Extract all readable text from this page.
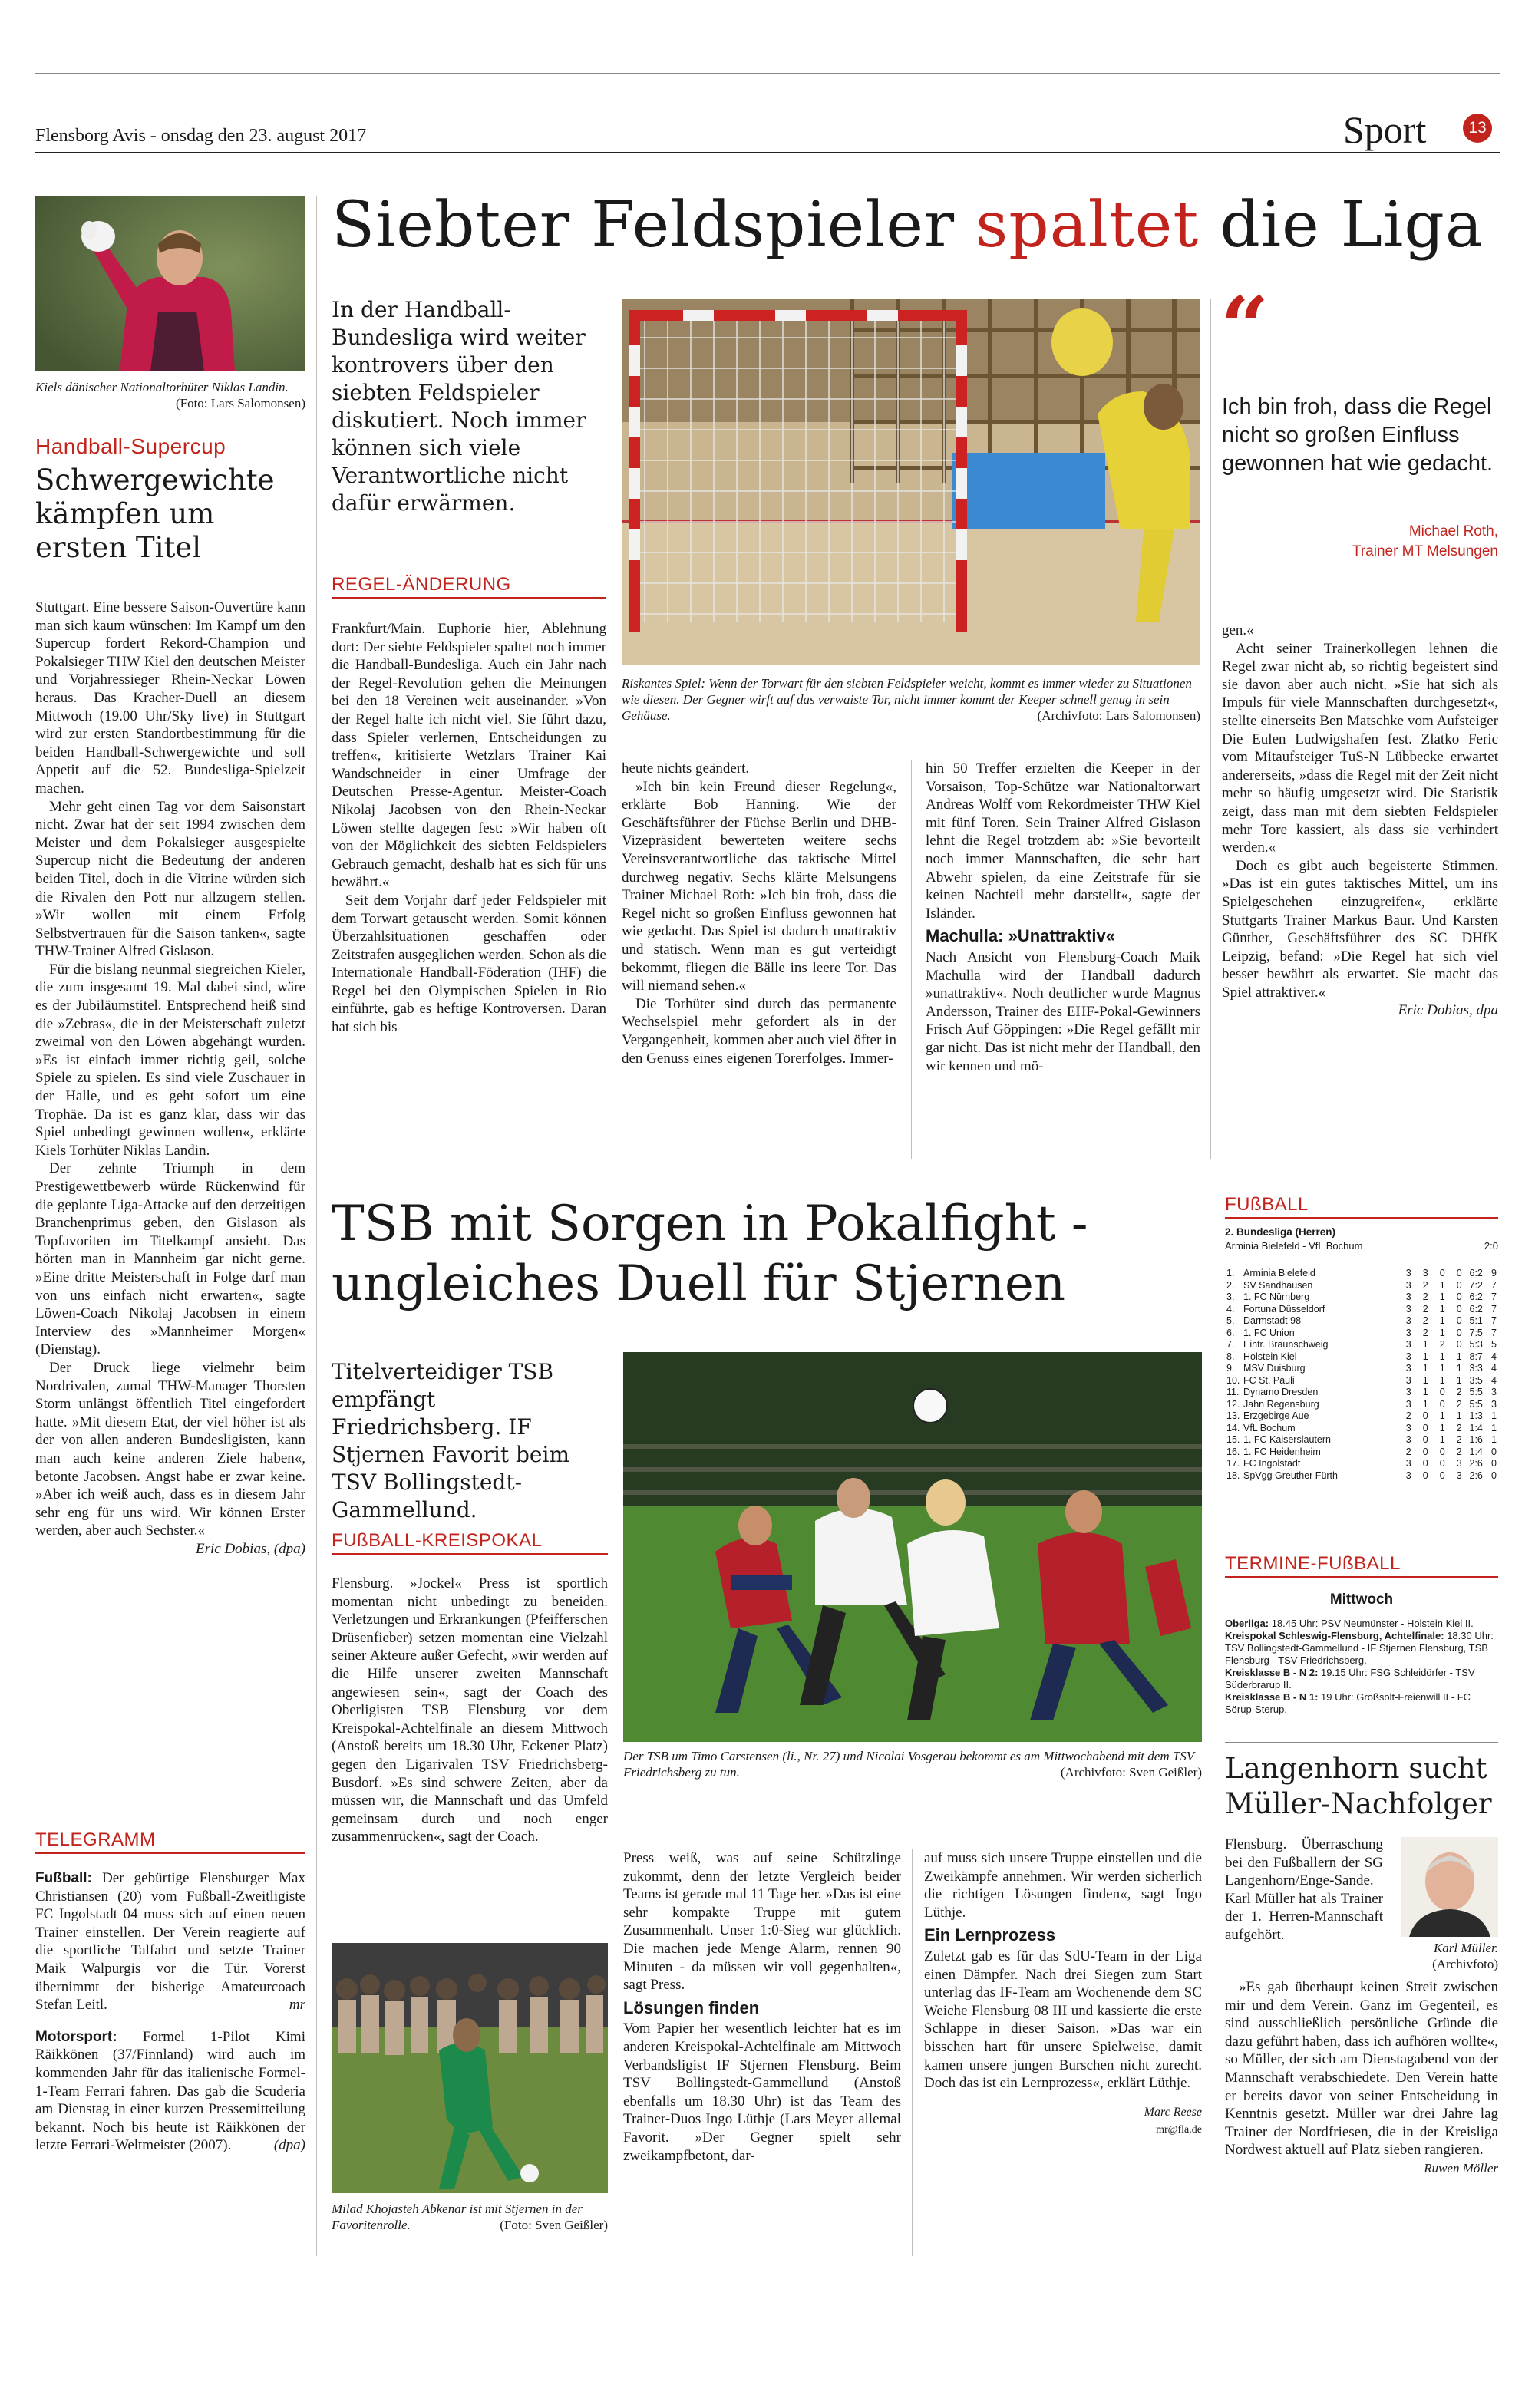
Flensborg Avis - onsdag den 23. august 2017	Sport	13
Kiels dänischer Nationaltorhüter Niklas Landin.
(Foto: Lars Salomonsen)
Handball-Supercup
Schwergewichte kämpfen um ersten Titel

Stuttgart. Eine bessere Saison-Ouvertüre kann man sich kaum wünschen: Im Kampf um den Supercup fordert Rekord-Champion und Pokalsieger THW Kiel den deutschen Meister und Vorjahressieger Rhein-Neckar Löwen heraus. Das Kracher-Duell an diesem Mittwoch (19.00 Uhr/Sky live) in Stuttgart wird zur ersten Standortbestimmung für die beiden Handball-Schwergewichte und soll Appetit auf die 52. Bundesliga-Spielzeit machen.

Mehr geht einen Tag vor dem Saisonstart nicht. Zwar hat der seit 1994 zwischen dem Meister und dem Pokalsieger ausgespielte Supercup nicht die Bedeutung der anderen beiden Titel, doch in die Vitrine würden sich die Rivalen den Pott nur allzugern stellen. »Wir wollen mit einem Erfolg Selbstvertrauen für die Saison tanken«, sagte THW-Trainer Alfred Gislason.

Für die bislang neunmal siegreichen Kieler, die zum insgesamt 19. Mal dabei sind, wäre es der Jubiläumstitel. Entsprechend heiß sind die »Zebras«, die in der Meisterschaft zuletzt zweimal von den Löwen abgehängt wurden. »Es ist einfach immer richtig geil, solche Spiele zu spielen. Es sind viele Zuschauer in der Halle, und es geht sofort um eine Trophäe. Da ist es ganz klar, dass wir das Spiel unbedingt gewinnen wollen«, erklärte Kiels Torhüter Niklas Landin.

Der zehnte Triumph in dem Prestigewettbewerb würde Rückenwind für die geplante Liga-Attacke auf den derzeitigen Branchenprimus geben, den Gislason als Topfavoriten im Titelkampf ansieht. Das hörten man in Mannheim gar nicht gerne. »Eine dritte Meisterschaft in Folge darf man von uns einfach nicht erwarten«, sagte Löwen-Coach Nikolaj Jacobsen in einem Interview des »Mannheimer Morgen« (Dienstag).

Der Druck liege vielmehr beim Nordrivalen, zumal THW-Manager Thorsten Storm unlängst öffentlich Titel eingefordert hatte. »Mit diesem Etat, der viel höher ist als der von allen anderen Bundesligisten, kann man auch keine anderen Ziele haben«, betonte Jacobsen. Angst habe er zwar keine. »Aber ich weiß auch, dass es in diesem Jahr sehr eng für uns wird. Wir können Erster werden, aber auch Sechster.«

Eric Dobias, (dpa)

TELEGRAMM

Fußball: Der gebürtige Flensburger Max Christiansen (20) vom Fußball-Zweitligiste FC Ingolstadt 04 muss sich auf einen neuen Trainer einstellen. Der Verein reagierte auf die sportliche Talfahrt und setzte Trainer Maik Walpurgis vor die Tür. Vorerst übernimmt der bisherige Amateurcoach Stefan Leitl.	mr

Motorsport: Formel 1-Pilot Kimi Räikkönen (37/Finnland) wird auch im kommenden Jahr für das italienische Formel-1-Team Ferrari fahren. Das gab die Scuderia am Dienstag in einer kurzen Pressemitteilung bekannt. Noch bis heute ist Räikkönen der letzte Ferrari-Weltmeister (2007).	(dpa)

Siebter Feldspieler spaltet die Liga
In der Handball-Bundesliga wird weiter kontrovers über den siebten Feldspieler diskutiert. Noch immer können sich viele Verantwortliche nicht dafür erwärmen.
REGEL-ÄNDERUNG
Riskantes Spiel: Wenn der Torwart für den siebten Feldspieler weicht, kommt es immer wieder zu Situationen wie diesen. Der Gegner wirft auf das verwaiste Tor, nicht immer kommt der Keeper schnell genug in sein Gehäuse.	(Archivfoto: Lars Salomonsen)
“
Ich bin froh, dass die Regel nicht so großen Einfluss gewonnen hat wie gedacht.
Michael Roth,
Trainer MT Melsungen

Frankfurt/Main. Euphorie hier, Ablehnung dort: Der siebte Feldspieler spaltet noch immer die Handball-Bundesliga. Auch ein Jahr nach der Regel-Revolution gehen die Meinungen bei den 18 Vereinen weit auseinander. »Von der Regel halte ich nicht viel. Sie führt dazu, dass Spieler verlernen, Entscheidungen zu treffen«, kritisierte Wetzlars Trainer Kai Wandschneider in einer Umfrage der Deutschen Presse-Agentur. Meister-Coach Nikolaj Jacobsen von den Rhein-Neckar Löwen stellte dagegen fest: »Wir haben oft von der Möglichkeit des siebten Feldspielers Gebrauch gemacht, deshalb hat es sich für uns bewährt.«

Seit dem Vorjahr darf jeder Feldspieler mit dem Torwart getauscht werden. Somit können Überzahlsituationen geschaffen oder Zeitstrafen ausgeglichen werden. Schon als die Internationale Handball-Föderation (IHF) die Regel bei den Olympischen Spielen in Rio einführte, gab es heftige Kontroversen. Daran hat sich bis

heute nichts geändert.

»Ich bin kein Freund dieser Regelung«, erklärte Bob Hanning. Wie der Geschäftsführer der Füchse Berlin und DHB-Vizepräsident bewerteten weitere sechs Vereinsverantwortliche das taktische Mittel durchweg negativ. Sechs klärte Melsungens Trainer Michael Roth: »Ich bin froh, dass die Regel nicht so großen Einfluss gewonnen hat wie gedacht. Das Spiel ist dadurch unattraktiv und statisch. Wenn man es gut verteidigt bekommt, fliegen die Bälle ins leere Tor. Das will niemand sehen.«

Die Torhüter sind durch das permanente Wechselspiel mehr gefordert als in der Vergangenheit, kommen aber auch viel öfter in den Genuss eines eigenen Torerfolges. Immer-

hin 50 Treffer erzielten die Keeper in der Vorsaison, Top-Schütze war Nationaltorwart Andreas Wolff vom Rekordmeister THW Kiel mit fünf Toren. Sein Trainer Alfred Gislason lehnt die Regel trotzdem ab: »Sie bevorteilt noch immer Mannschaften, die sehr hart Abwehr spielen, da eine Zeitstrafe für sie keinen Nachteil mehr darstellt«, sagte der Isländer.

Machulla: »Unattraktiv«

Nach Ansicht von Flensburg-Coach Maik Machulla wird der Handball dadurch »unattraktiv«. Noch deutlicher wurde Magnus Andersson, Trainer des EHF-Pokal-Gewinners Frisch Auf Göppingen: »Die Regel gefällt mir gar nicht. Das ist nicht mehr der Handball, den wir kennen und mö-

gen.«

Acht seiner Trainerkollegen lehnen die Regel zwar nicht ab, so richtig begeistert sind sie davon aber auch nicht. »Sie hat sich als Impuls für viele Mannschaften durchgesetzt«, stellte einerseits Ben Matschke vom Aufsteiger Die Eulen Ludwigshafen fest. Zlatko Feric vom Mitaufsteiger TuS-N Lübbecke erwartet andererseits, »dass die Regel mit der Zeit nicht mehr so häufig umgesetzt wird. Die Statistik zeigt, dass man mit dem siebten Feldspieler mehr Tore kassiert, als dass sie verhindert werden.«

Doch es gibt auch begeisterte Stimmen. »Das ist ein gutes taktisches Mittel, um ins Spielgeschehen einzugreifen«, erklärte Stuttgarts Trainer Markus Baur. Und Karsten Günther, Geschäftsführer des SC DHfK Leipzig, befand: »Die Regel hat sich viel besser bewährt als erwartet. Sie macht das Spiel attraktiver.«

Eric Dobias, dpa

TSB mit Sorgen in Pokalfight - ungleiches Duell für Stjernen
Titelverteidiger TSB empfängt Friedrichsberg. IF Stjernen Favorit beim TSV Bollingstedt-Gammellund.
FUßBALL-KREISPOKAL

Flensburg. »Jockel« Press ist sportlich momentan nicht unbedingt zu beneiden. Verletzungen und Erkrankungen (Pfeifferschen Drüsenfieber) setzen momentan eine Vielzahl seiner Akteure außer Gefecht, »wir werden auf die Hilfe unserer zweiten Mannschaft angewiesen sein«, sagt der Coach des Oberligisten TSB Flensburg vor dem Kreispokal-Achtelfinale an diesem Mittwoch (Anstoß bereits um 18.30 Uhr, Eckener Platz) gegen den Ligarivalen TSV Friedrichsberg-Busdorf. »Es sind schwere Zeiten, aber da müssen wir, die Mannschaft und das Umfeld gemeinsam durch und noch enger zusammenrücken«, sagt der Coach.

Milad Khojasteh Abkenar ist mit Stjernen in der Favoritenrolle.	(Foto: Sven Geißler)
Der TSB um Timo Carstensen (li., Nr. 27) und Nicolai Vosgerau bekommt es am Mittwochabend mit dem TSV Friedrichsberg zu tun.	(Archivfoto: Sven Geißler)

Press weiß, was auf seine Schützlinge zukommt, denn der letzte Vergleich beider Teams ist gerade mal 11 Tage her. »Das ist eine sehr kompakte Truppe mit gutem Zusammenhalt. Unser 1:0-Sieg war glücklich. Die machen jede Menge Alarm, rennen 90 Minuten - da müssen wir voll gegenhalten«, sagt Press.

Lösungen finden

Vom Papier her wesentlich leichter hat es im anderen Kreispokal-Achtelfinale am Mittwoch Verbandsligist IF Stjernen Flensburg. Beim TSV Bollingstedt-Gammellund (Anstoß ebenfalls um 18.30 Uhr) ist das Team des Trainer-Duos Ingo Lüthje (Lars Meyer allemal Favorit. »Der Gegner spielt sehr zweikampfbetont, dar-

auf muss sich unsere Truppe einstellen und die Zweikämpfe annehmen. Wir werden sicherlich die richtigen Lösungen finden«, sagt Ingo Lüthje.

Ein Lernprozess

Zuletzt gab es für das SdU-Team in der Liga einen Dämpfer. Nach drei Siegen zum Start unterlag das IF-Team am Wochenende dem SC Weiche Flensburg 08 III und kassierte die erste Schlappe in dieser Saison. »Das war ein bisschen hart für unsere Spielweise, damit kamen unsere jungen Burschen nicht zurecht. Doch das ist ein Lernprozess«, erklärt Lüthje.

Marc Reese

mr@fla.de

FUßBALL
2. Bundesliga (Herren)
Arminia Bielefeld - VfL Bochum	2:0
1.	Arminia Bielefeld	3	3	0	0	6:2	9
2.	SV Sandhausen	3	2	1	0	7:2	7
3.	1. FC Nürnberg	3	2	1	0	6:2	7
4.	Fortuna Düsseldorf	3	2	1	0	6:2	7
5.	Darmstadt 98	3	2	1	0	5:1	7
6.	1. FC Union	3	2	1	0	7:5	7
7.	Eintr. Braunschweig	3	1	2	0	5:3	5
8.	Holstein Kiel	3	1	1	1	8:7	4
9.	MSV Duisburg	3	1	1	1	3:3	4
10.	FC St. Pauli	3	1	1	1	3:5	4
11.	Dynamo Dresden	3	1	0	2	5:5	3
12.	Jahn Regensburg	3	1	0	2	5:5	3
13.	Erzgebirge Aue	2	0	1	1	1:3	1
14.	VfL Bochum	3	0	1	2	1:4	1
15.	1. FC Kaiserslautern	3	0	1	2	1:6	1
16.	1. FC Heidenheim	2	0	0	2	1:4	0
17.	FC Ingolstadt	3	0	0	3	2:6	0
18.	SpVgg Greuther Fürth	3	0	0	3	2:6	0
TERMINE-FUßBALL
Mittwoch
Oberliga: 18.45 Uhr: PSV Neumünster - Holstein Kiel II.
Kreispokal Schleswig-Flensburg, Achtelfinale: 18.30 Uhr: TSV Bollingstedt-Gammellund - IF Stjernen Flensburg, TSB Flensburg - TSV Friedrichsberg.
Kreisklasse B - N 2: 19.15 Uhr: FSG Schleidörfer - TSV Süderbrarup II.
Kreisklasse B - N 1: 19 Uhr: Großsolt-Freienwill II - FC Sörup-Sterup.
Langenhorn sucht Müller-Nachfolger
Flensburg. Überraschung bei den Fußballern der SG Langenhorn/Enge-Sande. Karl Müller hat als Trainer der 1. Herren-Mannschaft aufgehört.
Karl Müller.
(Archivfoto)

»Es gab überhaupt keinen Streit zwischen mir und dem Verein. Ganz im Gegenteil, es sind ausschließlich persönliche Gründe die dazu geführt haben, dass ich aufhören wollte«, so Müller, der sich am Dienstagabend von der Mannschaft verabschiedete. Den Verein hatte er bereits davor von seiner Entscheidung in Kenntnis gesetzt. Müller war drei Jahre lag Trainer der Nordfriesen, die in der Kreisliga Nordwest aktuell auf Platz sieben rangieren.

Ruwen Möller
